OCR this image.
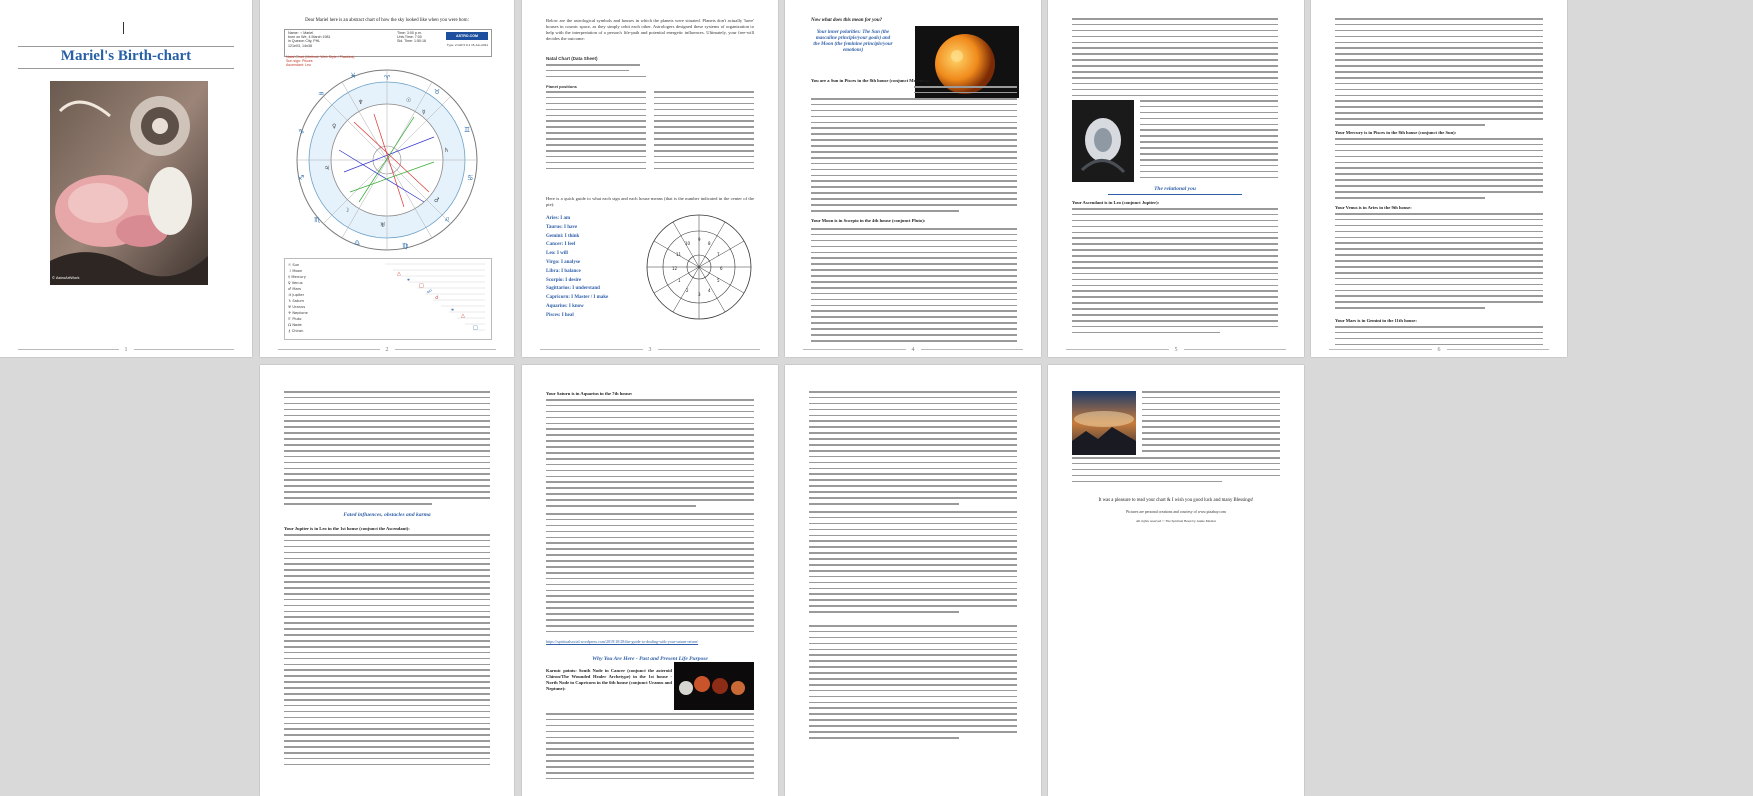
Mariel's Birth-chart
© AstroArtWork
1
Dear Mariel here is an abstract chart of how the sky looked like when you were born:
Name: ♀ Mariel
born on We, 4 March 1981
in Quezon City, PHL
121e03, 14n38
Time: 3:00 p.m.
Univ.Time: 7:00
Sid. Time: 1:50:16
ASTRO.COM
Type: 2.GW 0.0-1 15-Jun-2021
Natal Chart (Method: Web Style / Placidus)
Sun sign: Pisces
Ascendant: Leo
♈
♉
♊
♋
♌
♍
♎
♏
♐
♑
♒
♓
☉
☿
☽
♀
♂
♃
♄
♅
♆
☉ Sun
☽ Moon
☿ Mercury
♀ Venus
♂ Mars
♃ Jupiter
♄ Saturn
♅ Uranus
♆ Neptune
♇ Pluto
☊ Node
⚷ Chiron
△
□
☌
△
⚹
☍
⚹
□
2
Below are the astrological symbols and houses in which the planets were situated. Planets don't actually 'have' houses in cosmic space, as they simply orbit each other. Astrologers designed these systems of organization to help with the interpretation of a person's life-path and potential energetic influences. Ultimately, your free-will decides the outcome:
Natal Chart (Data Sheet)
Planet positions
Here is a quick guide to what each sign and each house means (that is the number indicated in the center of the pie):
Aries: I am
Taurus: I have
Gemini: I think
Cancer: I feel
Leo: I will
Virgo: I analyse
Libra: I balance
Scorpio: I desire
Sagittarius: I understand
Capricorn: I Master / I make
Aquarius: I know
Pisces: I heal
1
2
3
4
5
6
7
8
9
10
11
12
3
Now what does this mean for you?
Your inner polarities: The Sun (the masculine principle/your goals) and the Moon (the feminine principle/your emotions)
You are a Sun in Pisces in the 8th house (conjunct Mercury):
Your Moon is in Scorpio in the 4th house (conjunct Pluto):
4
The relational you
Your Ascendant is in Leo (conjunct Jupiter):
5
Your Mercury is in Pisces in the 8th house (conjunct the Sun):
Your Venus is in Aries in the 9th house:
Your Mars is in Gemini in the 11th house:
6
Fated influences, obstacles and karma
Your Jupiter is in Leo in the 1st house (conjunct the Ascendant):
Your Saturn is in Aquarius in the 7th house:
https://spiritualsocial.wordpress.com/2019/10/28/the-guide-to-dealing-with-your-saturn-return/
Why You Are Here - Past and Present Life Purpose
Karmic points: South Node in Cancer (conjunct the asteroid Chiron/The Wounded Healer Archetype) in the 1st house - North Node in Capricorn in the 6th house (conjunct Uranus and Neptune):
It was a pleasure to read your chart & I wish you good luck and many Blessings!
Pictures are personal creations and courtesy of www.pixabay.com
All rights reserved © The Spiritual Beast by Annie Madzar
